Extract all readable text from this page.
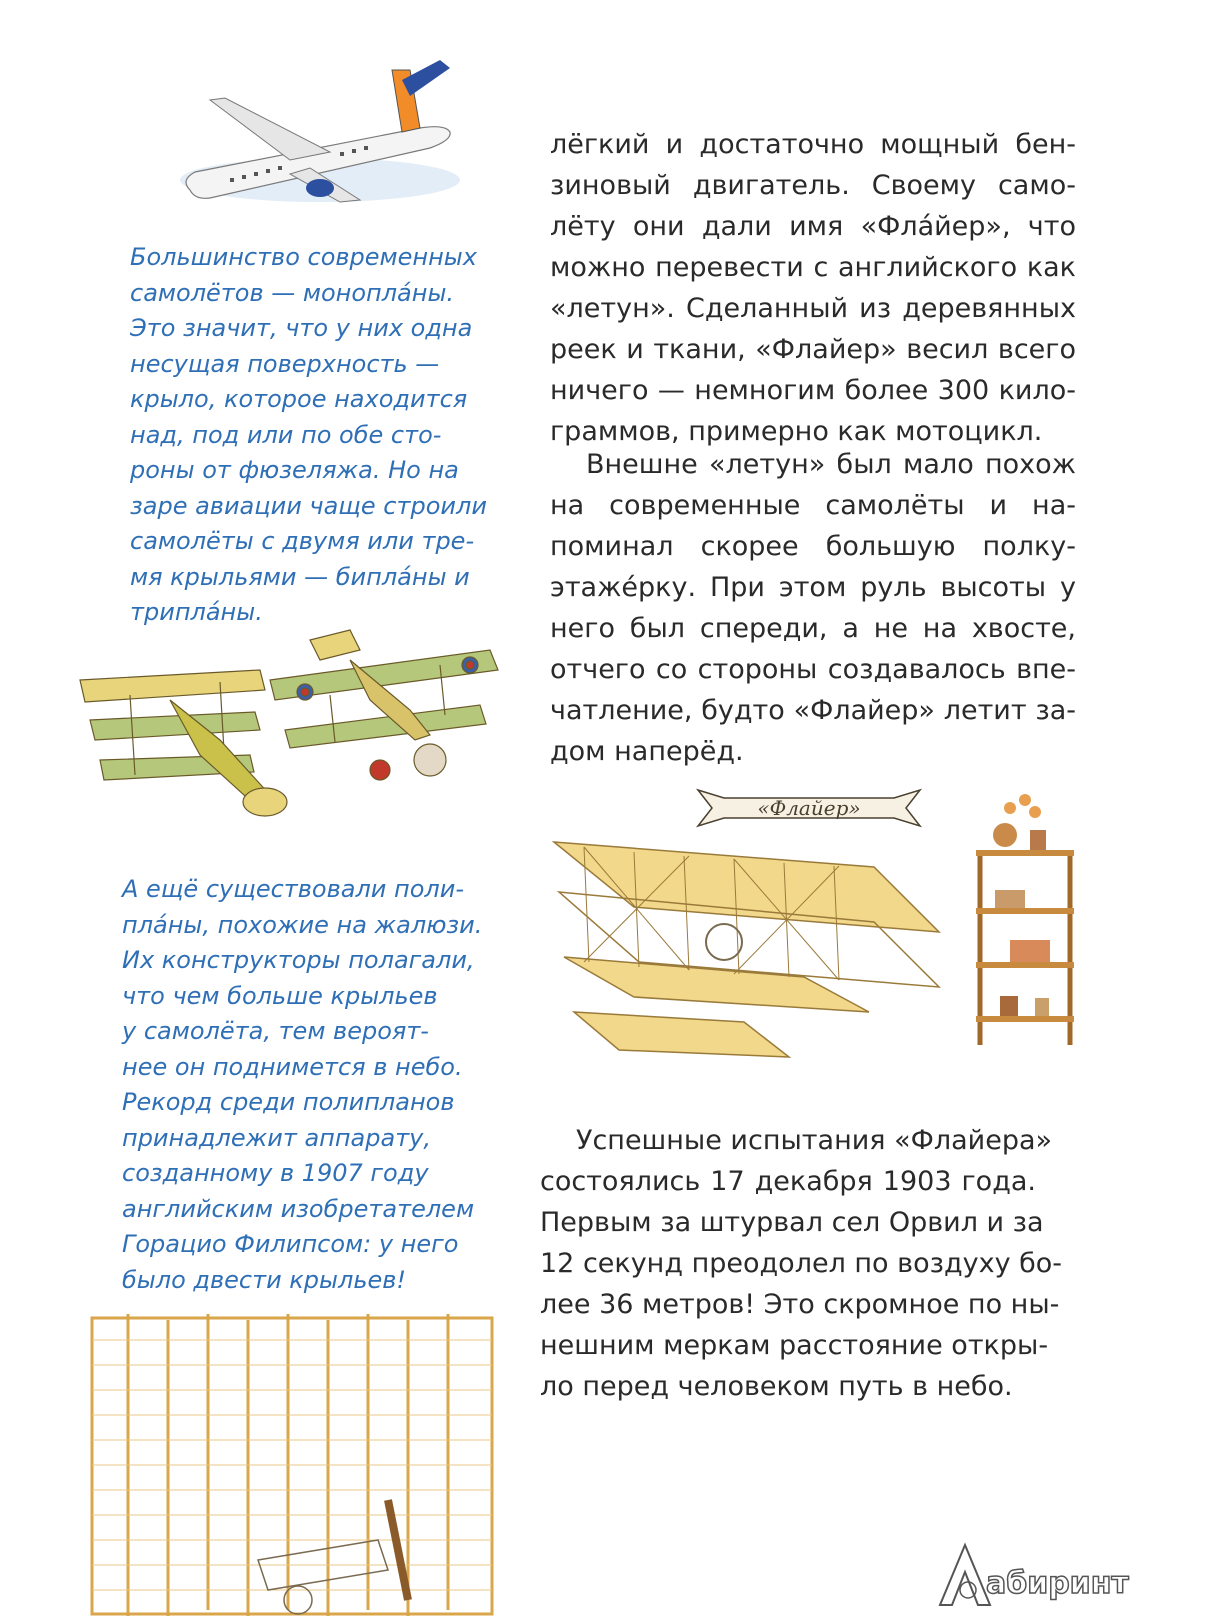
Большинство современных
самолётов — моноплáны.
Это значит, что у них одна
несущая поверхность —
крыло, которое находится
над, под или по обе сто-
роны от фюзеляжа. Но на
заре авиации чаще строили
самолёты с двумя или тре-
мя крыльями — бипла́ны и
трипла́ны.
А ещё существовали поли-
пла́ны, похожие на жалюзи.
Их конструкторы полагали,
что чем больше крыльев
у самолёта, тем вероят-
нее он поднимется в небо.
Рекорд среди полипланов
принадлежит аппарату,
созданному в 1907 году
английским изобретателем
Горацио Филипсом: у него
было двести крыльев!
лёгкий и достаточно мощный бен-
зиновый двигатель. Своему само-
лёту они дали имя «Фла́йер», что
можно перевести с английского как
«летун». Сделанный из деревянных
реек и ткани, «Флайер» весил всего
ничего — немногим более 300 кило-
граммов, примерно как мотоцикл.
Внешне «летун» был мало похож
на современные самолёты и на-
поминал скорее большую полку-
этажéрку. При этом руль высоты у
него был спереди, а не на хвосте,
отчего со стороны создавалось впе-
чатление, будто «Флайер» летит за-
дом наперёд.
«Флайер»
Успешные испытания «Флайера»
состоялись 17 декабря 1903 года.
Первым за штурвал сел Орвил и за
12 секунд преодолел по воздуху бо-
лее 36 метров! Это скромное по ны-
нешним меркам расстояние откры-
ло перед человеком путь в небо.
абиринт
